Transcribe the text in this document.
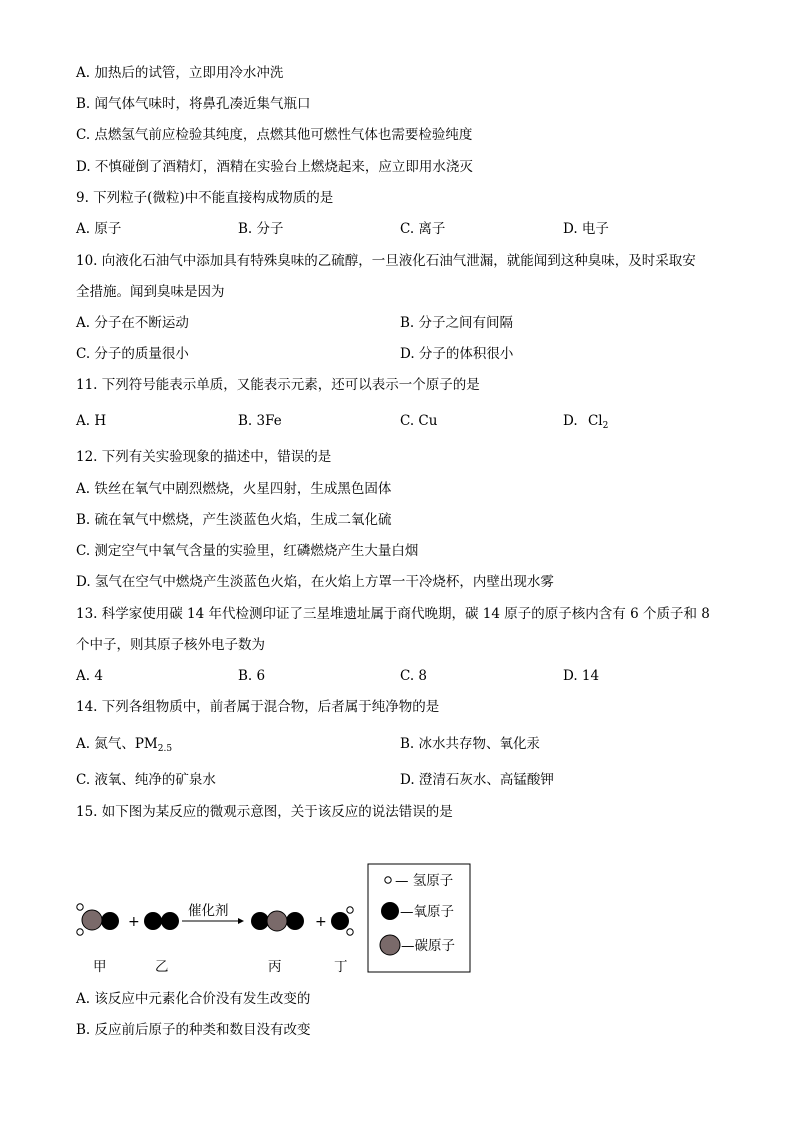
A. 加热后的试管，立即用冷水冲洗
B. 闻气体气味时，将鼻孔凑近集气瓶口
C. 点燃氢气前应检验其纯度，点燃其他可燃性气体也需要检验纯度
D. 不慎碰倒了酒精灯，酒精在实验台上燃烧起来，应立即用水浇灭
9. 下列粒子(微粒)中不能直接构成物质的是
A. 原子	B. 分子	C. 离子	D. 电子
10. 向液化石油气中添加具有特殊臭味的乙硫醇，一旦液化石油气泄漏，就能闻到这种臭味，及时采取安
全措施。闻到臭味是因为
A. 分子在不断运动	B. 分子之间有间隔
C. 分子的质量很小	D. 分子的体积很小
11. 下列符号能表示单质，又能表示元素，还可以表示一个原子的是
A. H	B. 3Fe	C. Cu	D. $Cl_2$
12. 下列有关实验现象的描述中，错误的是
A. 铁丝在氧气中剧烈燃烧，火星四射，生成黑色固体
B. 硫在氧气中燃烧，产生淡蓝色火焰，生成二氧化硫
C. 测定空气中氧气含量的实验里，红磷燃烧产生大量白烟
D. 氢气在空气中燃烧产生淡蓝色火焰，在火焰上方罩一干冷烧杯，内壁出现水雾
13. 科学家使用碳 14 年代检测印证了三星堆遗址属于商代晚期，碳 14 原子的原子核内含有 6 个质子和 8
个中子，则其原子核外电子数为
A. 4	B. 6	C. 8	D. 14
14. 下列各组物质中，前者属于混合物，后者属于纯净物的是
A. 氮气、$PM_{2.5}$	B. 冰水共存物、氧化汞
C. 液氧、纯净的矿泉水	D. 澄清石灰水、高锰酸钾
15. 如下图为某反应的微观示意图，关于该反应的说法错误的是
+
催化剂
+
甲	乙	丙	丁
— 氢原子
—氧原子
—碳原子
A. 该反应中元素化合价没有发生改变的
B. 反应前后原子的种类和数目没有改变
